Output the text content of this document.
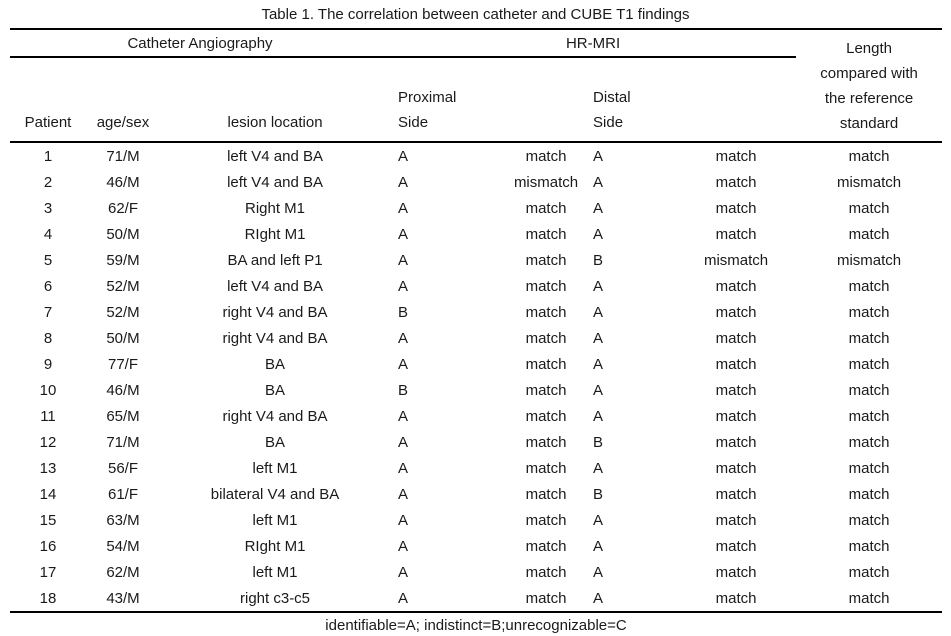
Table 1. The correlation between catheter and CUBE T1 findings
Catheter Angiography			HR-MRI				Length compared with the reference standard
Patient	age/sex	lesion location	Proximal Side		Distal Side		
1	71/M	left V4 and BA	A	match	A	match	match
2	46/M	left V4 and BA	A	mismatch	A	match	mismatch
3	62/F	Right M1	A	match	A	match	match
4	50/M	RIght M1	A	match	A	match	match
5	59/M	BA and left P1	A	match	B	mismatch	mismatch
6	52/M	left V4 and BA	A	match	A	match	match
7	52/M	right V4 and BA	B	match	A	match	match
8	50/M	right V4 and BA	A	match	A	match	match
9	77/F	BA	A	match	A	match	match
10	46/M	BA	B	match	A	match	match
11	65/M	right V4 and BA	A	match	A	match	match
12	71/M	BA	A	match	B	match	match
13	56/F	left M1	A	match	A	match	match
14	61/F	bilateral V4 and BA	A	match	B	match	match
15	63/M	left M1	A	match	A	match	match
16	54/M	RIght M1	A	match	A	match	match
17	62/M	left M1	A	match	A	match	match
18	43/M	right c3-c5	A	match	A	match	match
identifiable=A; indistinct=B;unrecognizable=C							
